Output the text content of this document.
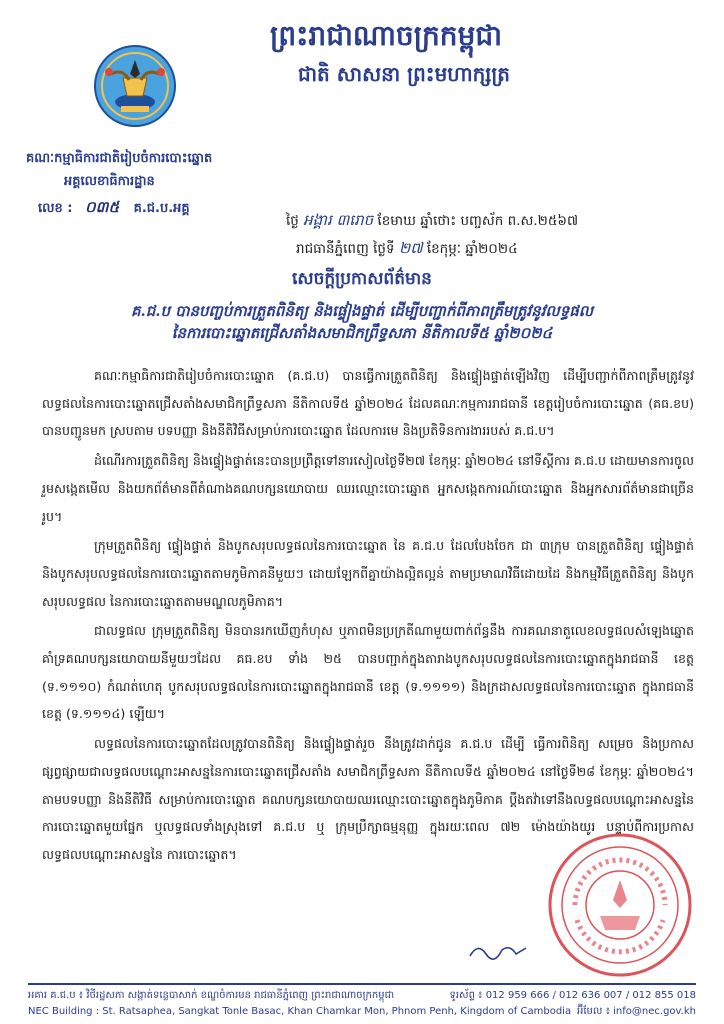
ព្រះរាជាណាចក្រកម្ពុជា
ជាតិ សាសនា ព្រះមហាក្សត្រ
គណៈកម្មាធិការជាតិរៀបចំការបោះឆ្នោត
អគ្គលេខាធិការដ្ឋាន
លេខ : ០៣៥ គ.ជ.ប.អគ្គ
ថ្ងៃ អង្គារ ៣រោច ខែមាឃ ឆ្នាំថោះ បញ្ចស័ក ព.ស.២៥៦៧
រាជធានីភ្នំពេញ ថ្ងៃទី ២៧ ខែកុម្ភៈ ឆ្នាំ២០២៤
សេចក្តីប្រកាសព័ត៌មាន
គ.ជ.ប បានបញ្ចប់ការត្រួតពិនិត្យ និងផ្ទៀងផ្ទាត់ ដើម្បីបញ្ជាក់ពីភាពត្រឹមត្រូវនូវលទ្ធផល
នៃការបោះឆ្នោតជ្រើសតាំងសមាជិកព្រឹទ្ធសភា នីតិកាលទី៥ ឆ្នាំ២០២៤

គណៈកម្មាធិការជាតិរៀបចំការបោះឆ្នោត (គ.ជ.ប) បានធ្វើការត្រួតពិនិត្យ និងផ្ទៀងផ្ទាត់ឡើងវិញ ដើម្បីបញ្ជាក់ពីភាពត្រឹមត្រូវនូវលទ្ធផលនៃការបោះឆ្នោតជ្រើសតាំងសមាជិកព្រឹទ្ធសភា នីតិកាលទី៥ ឆ្នាំ២០២៤ ដែលគណៈកម្មការរាជធានី ខេត្តរៀបចំការបោះឆ្នោត (គធ.ខប) បានបញ្ជូនមក ស្របតាម បទបញ្ញា និងនីតិវិធីសម្រាប់ការបោះឆ្នោត ដែលការមេ និងប្រតិទិនការងាររបស់ គ.ជ.ប។

ដំណើរការត្រួតពិនិត្យ និងផ្ទៀងផ្ទាត់នេះបានប្រព្រឹត្តទៅនារសៀលថ្ងៃទី២៧ ខែកុម្ភៈ ឆ្នាំ២០២៤ នៅទីស្តីការ គ.ជ.ប ដោយមានការចូលរួមសង្កេតមើល និងយកព័ត៌មានពីតំណាងគណបក្សនយោបាយ ឈរឈ្មោះបោះឆ្នោត អ្នកសង្កេតការណ៍បោះឆ្នោត និងអ្នកសារព័ត៌មានជាច្រើនរូប។

ក្រុមត្រួតពិនិត្យ ផ្ទៀងផ្ទាត់ និងបូកសរុបលទ្ធផលនៃការបោះឆ្នោត នៃ គ.ជ.ប ដែលបែងចែក ជា ៣ក្រុម បានត្រួតពិនិត្យ ផ្ទៀងផ្ទាត់ និងបូកសរុបលទ្ធផលនៃការបោះឆ្នោតតាមភូមិភាគនីមួយៗ ដោយឡែកពីគ្នាយ៉ាងល្អិតល្អន់ តាមប្រមាណវិធីដោយដៃ និងកម្មវិធីត្រួតពិនិត្យ និងបូកសរុបលទ្ធផល នៃការបោះឆ្នោតតាមមណ្ឌលភូមិភាគ។

ជាលទ្ធផល ក្រុមត្រួតពិនិត្យ មិនបានរកឃើញកំហុស ឬភាពមិនប្រក្រតីណាមួយពាក់ព័ន្ធនឹង ការគណនាតួលេខលទ្ធផលសំឡេងឆ្នោតគាំទ្រគណបក្សនយោបាយនីមួយៗដែល គធ.ខប ទាំង ២៥ បានបញ្ជាក់ក្នុងតារាងបូកសរុបលទ្ធផលនៃការបោះឆ្នោតក្នុងរាជធានី ខេត្ត (ទ.១១១០) កំណត់ហេតុ បូកសរុបលទ្ធផលនៃការបោះឆ្នោតក្នុងរាជធានី ខេត្ត (ទ.១១១១) និងក្រដាសលទ្ធផលនៃការបោះឆ្នោត ក្នុងរាជធានី ខេត្ត (ទ.១១១៤) ឡើយ។

លទ្ធផលនៃការបោះឆ្នោតដែលត្រូវបានពិនិត្យ និងផ្ទៀងផ្ទាត់រួច នឹងត្រូវដាក់ជូន គ.ជ.ប ដើម្បី ធ្វើការពិនិត្យ សម្រេច និងប្រកាសផ្សព្វផ្សាយជាលទ្ធផលបណ្តោះអាសន្ននៃការបោះឆ្នោតជ្រើសតាំង សមាជិកព្រឹទ្ធសភា នីតិកាលទី៥ ឆ្នាំ២០២៤ នៅថ្ងៃទី២៨ ខែកុម្ភៈ ឆ្នាំ២០២៤។ តាមបទបញ្ញា និងនីតិវិធី សម្រាប់ការបោះឆ្នោត គណបក្សនយោបាយឈរឈ្មោះបោះឆ្នោតក្នុងភូមិភាគ ប្តឹងតវ៉ាទៅនឹងលទ្ធផលបណ្តោះអាសន្ននៃការបោះឆ្នោតមួយផ្នែក ឬលទ្ធផលទាំងស្រុងទៅ គ.ជ.ប ឬ ក្រុមប្រឹក្សាធម្មនុញ្ញ ក្នុងរយៈពេល ៧២ ម៉ោងយ៉ាងយូរ បន្ទាប់ពីការប្រកាសលទ្ធផលបណ្តោះអាសន្ននៃ ការបោះឆ្នោត។

អគារ គ.ជ.ប ៖ វិថីរដ្ឋសភា សង្កាត់ទន្លេបាសាក់ ខណ្ឌចំការមន រាជធានីភ្នំពេញ ព្រះរាជាណាចក្រកម្ពុជា	ទូរស័ព្ទ ៖ 012 959 666 / 012 636 007 / 012 855 018
NEC Building : St. Ratsaphea, Sangkat Tonle Basac, Khan Chamkar Mon, Phnom Penh, Kingdom of Cambodia អ៊ីមែល ៖ info@nec.gov.kh
